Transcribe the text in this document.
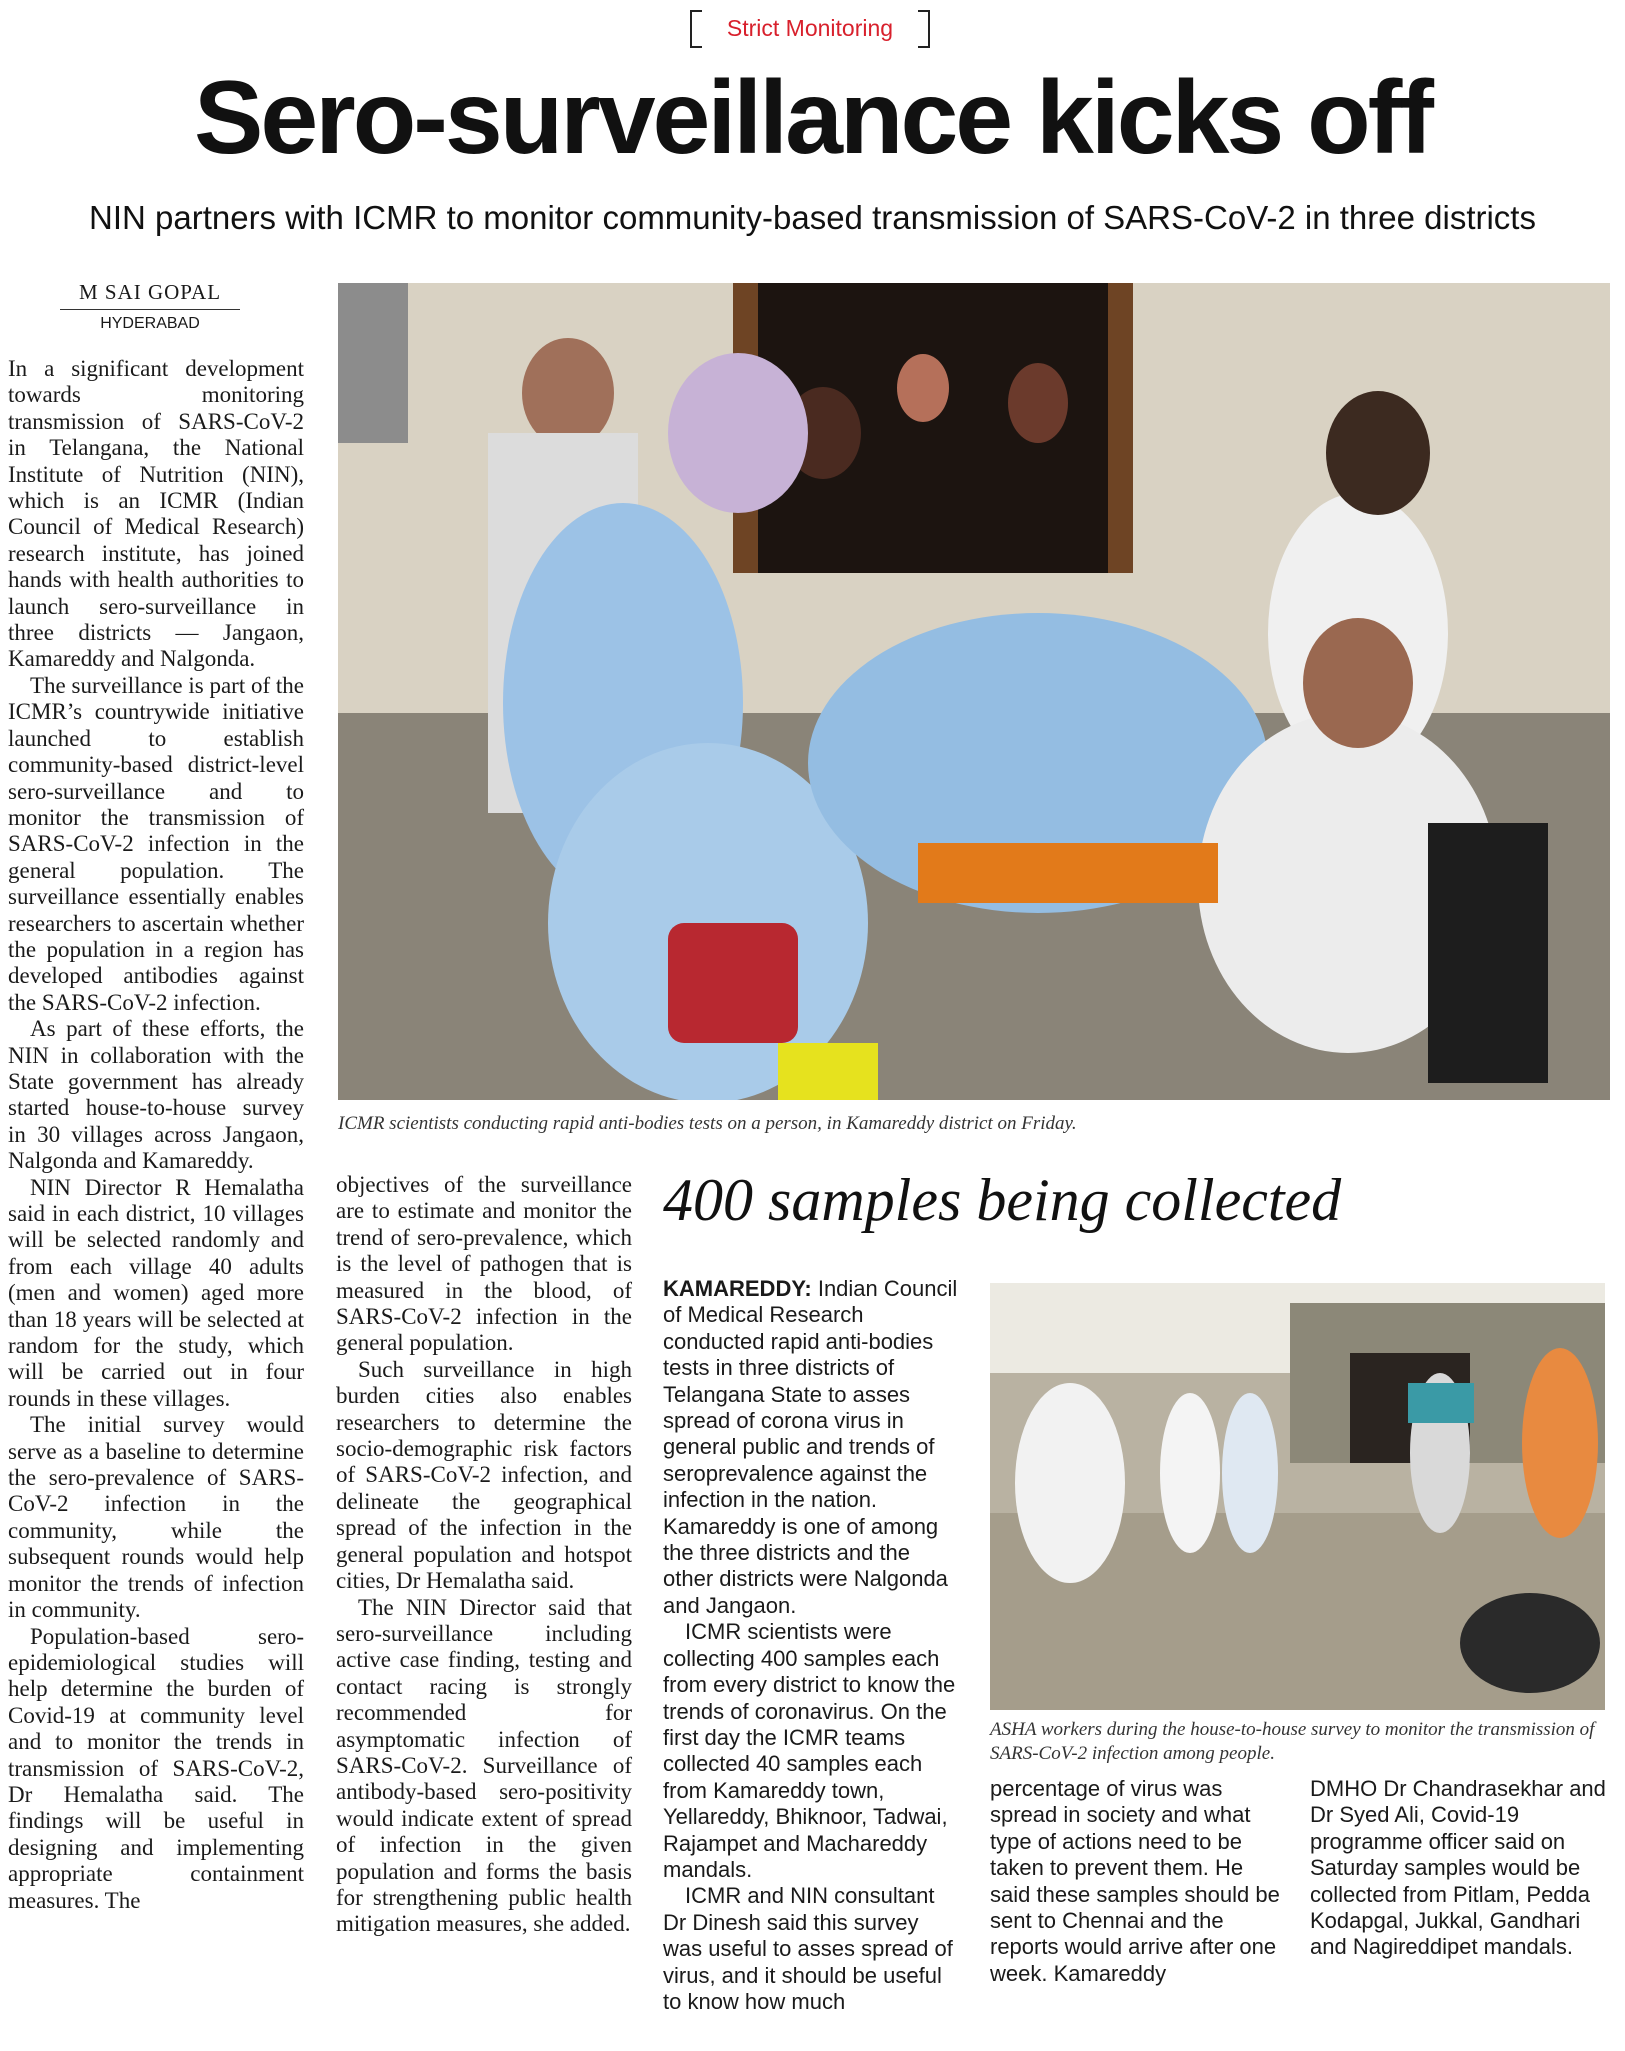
Strict Monitoring
Sero-surveillance kicks off
NIN partners with ICMR to monitor community-based transmission of SARS-CoV-2 in three districts
M SAI GOPAL
HYDERABAD
ICMR scientists conducting rapid anti-bodies tests on a person, in Kamareddy district on Friday.

In a significant development towards monitoring transmission of SARS-CoV-2 in Telangana, the National Institute of Nutrition (NIN), which is an ICMR (Indian Council of Medical Research) research institute, has joined hands with health authorities to launch sero-surveillance in three districts — Jangaon, Kamareddy and Nalgonda.

The surveillance is part of the ICMR’s countrywide initiative launched to establish community-based district-level sero-surveillance and to monitor the transmission of SARS-CoV-2 infection in the general population. The surveillance essentially enables researchers to ascertain whether the population in a region has developed antibodies against the SARS-CoV-2 infection.

As part of these efforts, the NIN in collaboration with the State government has already started house-to-house survey in 30 villages across Jangaon, Nalgonda and Kamareddy.

NIN Director R Hemalatha said in each district, 10 villages will be selected randomly and from each village 40 adults (men and women) aged more than 18 years will be selected at random for the study, which will be carried out in four rounds in these villages.

The initial survey would serve as a baseline to determine the sero-prevalence of SARS-CoV-2 infection in the community, while the subsequent rounds would help monitor the trends of infection in community.

Population-based sero-epidemiological studies will help determine the burden of Covid-19 at community level and to monitor the trends in transmission of SARS-CoV-2, Dr Hemalatha said. The findings will be useful in designing and implementing appropriate containment measures. The

objectives of the surveillance are to estimate and monitor the trend of sero-prevalence, which is the level of pathogen that is measured in the blood, of SARS-CoV-2 infection in the general population.

Such surveillance in high burden cities also enables researchers to determine the socio-demographic risk factors of SARS-CoV-2 infection, and delineate the geographical spread of the infection in the general population and hotspot cities, Dr Hemalatha said.

The NIN Director said that sero-surveillance including active case finding, testing and contact racing is strongly recommended for asymptomatic infection of SARS-CoV-2. Surveillance of antibody-based sero-positivity would indicate extent of spread of infection in the given population and forms the basis for strengthening public health mitigation measures, she added.

400 samples being collected

KAMAREDDY: Indian Council of Medical Research conducted rapid anti-bodies tests in three districts of Telangana State to asses spread of corona virus in general public and trends of seroprevalence against the infection in the nation. Kamareddy is one of among the three districts and the other districts were Nalgonda and Jangaon.

ICMR scientists were collecting 400 samples each from every district to know the trends of coronavirus. On the first day the ICMR teams collected 40 samples each from Kamareddy town, Yellareddy, Bhiknoor, Tadwai, Rajampet and Machareddy mandals.

ICMR and NIN consultant Dr Dinesh said this survey was useful to asses spread of virus, and it should be useful to know how much

ASHA workers during the house-to-house survey to monitor the transmission of SARS-CoV-2 infection among people.

percentage of virus was spread in society and what type of actions need to be taken to prevent them. He said these samples should be sent to Chennai and the reports would arrive after one week. Kamareddy

DMHO Dr Chandrasekhar and Dr Syed Ali, Covid-19 programme officer said on Saturday samples would be collected from Pitlam, Pedda Kodapgal, Jukkal, Gandhari and Nagireddipet mandals.
